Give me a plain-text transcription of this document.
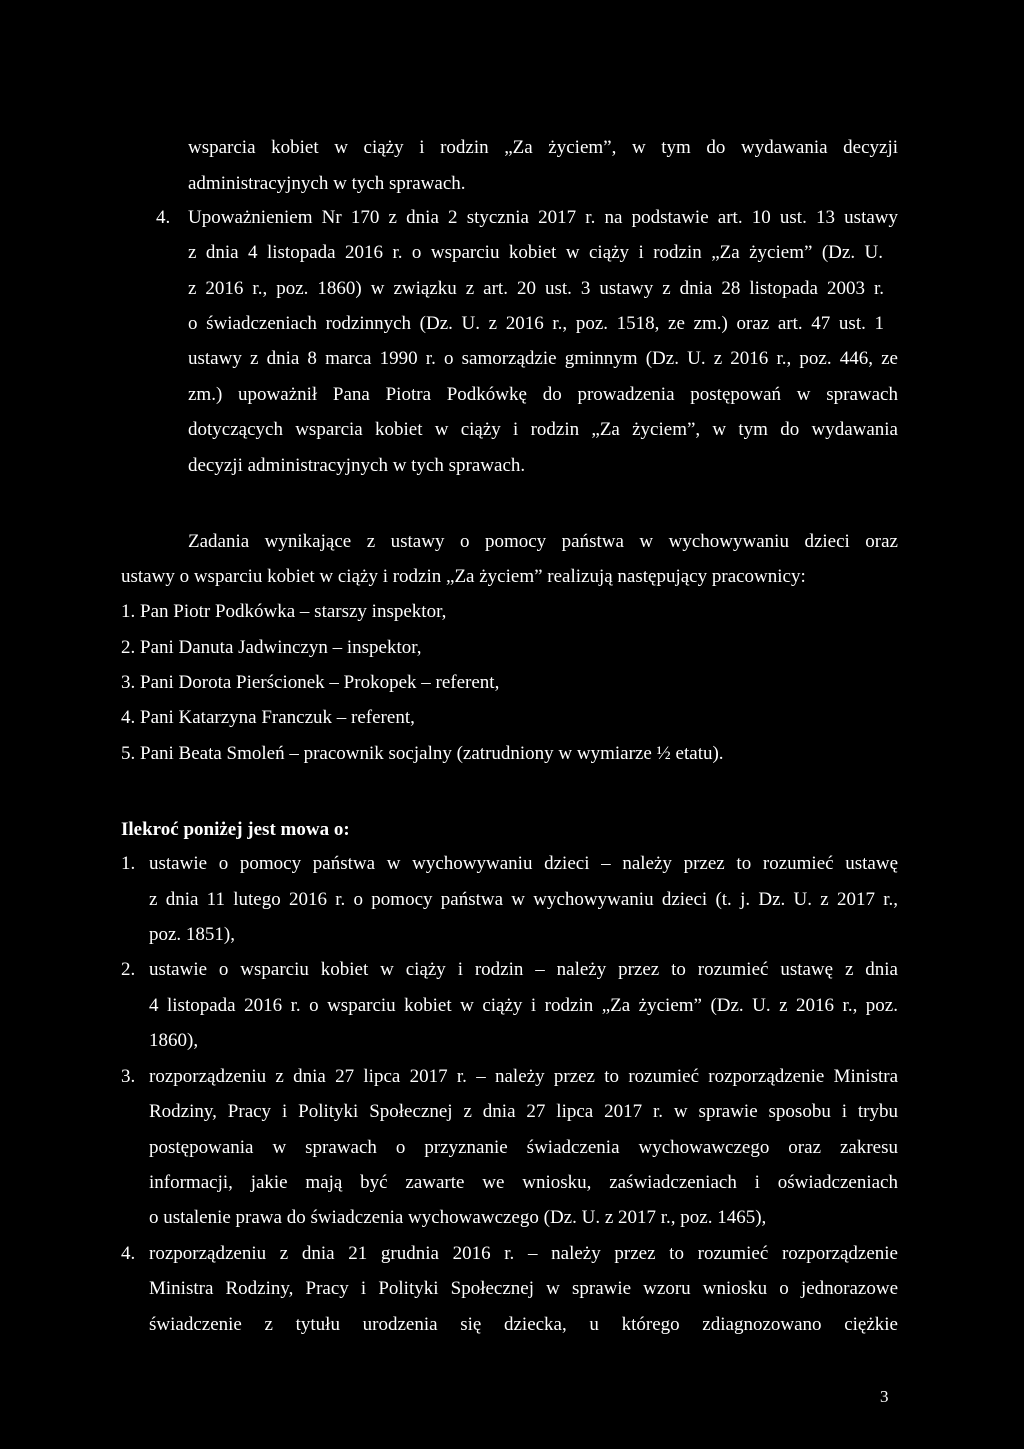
wsparcia kobiet w ciąży i rodzin „Za życiem”, w tym do wydawania decyzji
administracyjnych w tych sprawach.
4. Upoważnieniem Nr 170 z dnia 2 stycznia 2017 r. na podstawie art. 10 ust. 13 ustawy
z dnia 4 listopada 2016 r. o wsparciu kobiet w ciąży i rodzin „Za życiem” (Dz. U.
z 2016 r., poz. 1860) w związku z art. 20 ust. 3 ustawy z dnia 28 listopada 2003 r.
o świadczeniach rodzinnych (Dz. U. z 2016 r., poz. 1518, ze zm.) oraz art. 47 ust. 1
ustawy z dnia 8 marca 1990 r. o samorządzie gminnym (Dz. U. z 2016 r., poz. 446, ze
zm.) upoważnił Pana Piotra Podkówkę do prowadzenia postępowań w sprawach
dotyczących wsparcia kobiet w ciąży i rodzin „Za życiem”, w tym do wydawania
decyzji administracyjnych w tych sprawach.
Zadania wynikające z ustawy o pomocy państwa w wychowywaniu dzieci oraz
ustawy o wsparciu kobiet w ciąży i rodzin „Za życiem” realizują następujący pracownicy:
1. Pan Piotr Podkówka – starszy inspektor,
2. Pani Danuta Jadwinczyn – inspektor,
3. Pani Dorota Pierścionek – Prokopek – referent,
4. Pani Katarzyna Franczuk – referent,
5. Pani Beata Smoleń – pracownik socjalny (zatrudniony w wymiarze ½ etatu).
Ilekroć poniżej jest mowa o:
1. ustawie o pomocy państwa w wychowywaniu dzieci – należy przez to rozumieć ustawę
z dnia 11 lutego 2016 r. o pomocy państwa w wychowywaniu dzieci (t. j. Dz. U. z 2017 r.,
poz. 1851),
2. ustawie o wsparciu kobiet w ciąży i rodzin – należy przez to rozumieć ustawę z dnia
4 listopada 2016 r. o wsparciu kobiet w ciąży i rodzin „Za życiem” (Dz. U. z 2016 r., poz.
1860),
3. rozporządzeniu z dnia 27 lipca 2017 r. – należy przez to rozumieć rozporządzenie Ministra
Rodziny, Pracy i Polityki Społecznej z dnia 27 lipca 2017 r. w sprawie sposobu i trybu
postępowania w sprawach o przyznanie świadczenia wychowawczego oraz zakresu
informacji, jakie mają być zawarte we wniosku, zaświadczeniach i oświadczeniach
o ustalenie prawa do świadczenia wychowawczego (Dz. U. z 2017 r., poz. 1465),
4. rozporządzeniu z dnia 21 grudnia 2016 r. – należy przez to rozumieć rozporządzenie
Ministra Rodziny, Pracy i Polityki Społecznej w sprawie wzoru wniosku o jednorazowe
świadczenie z tytułu urodzenia się dziecka, u którego zdiagnozowano ciężkie
3
